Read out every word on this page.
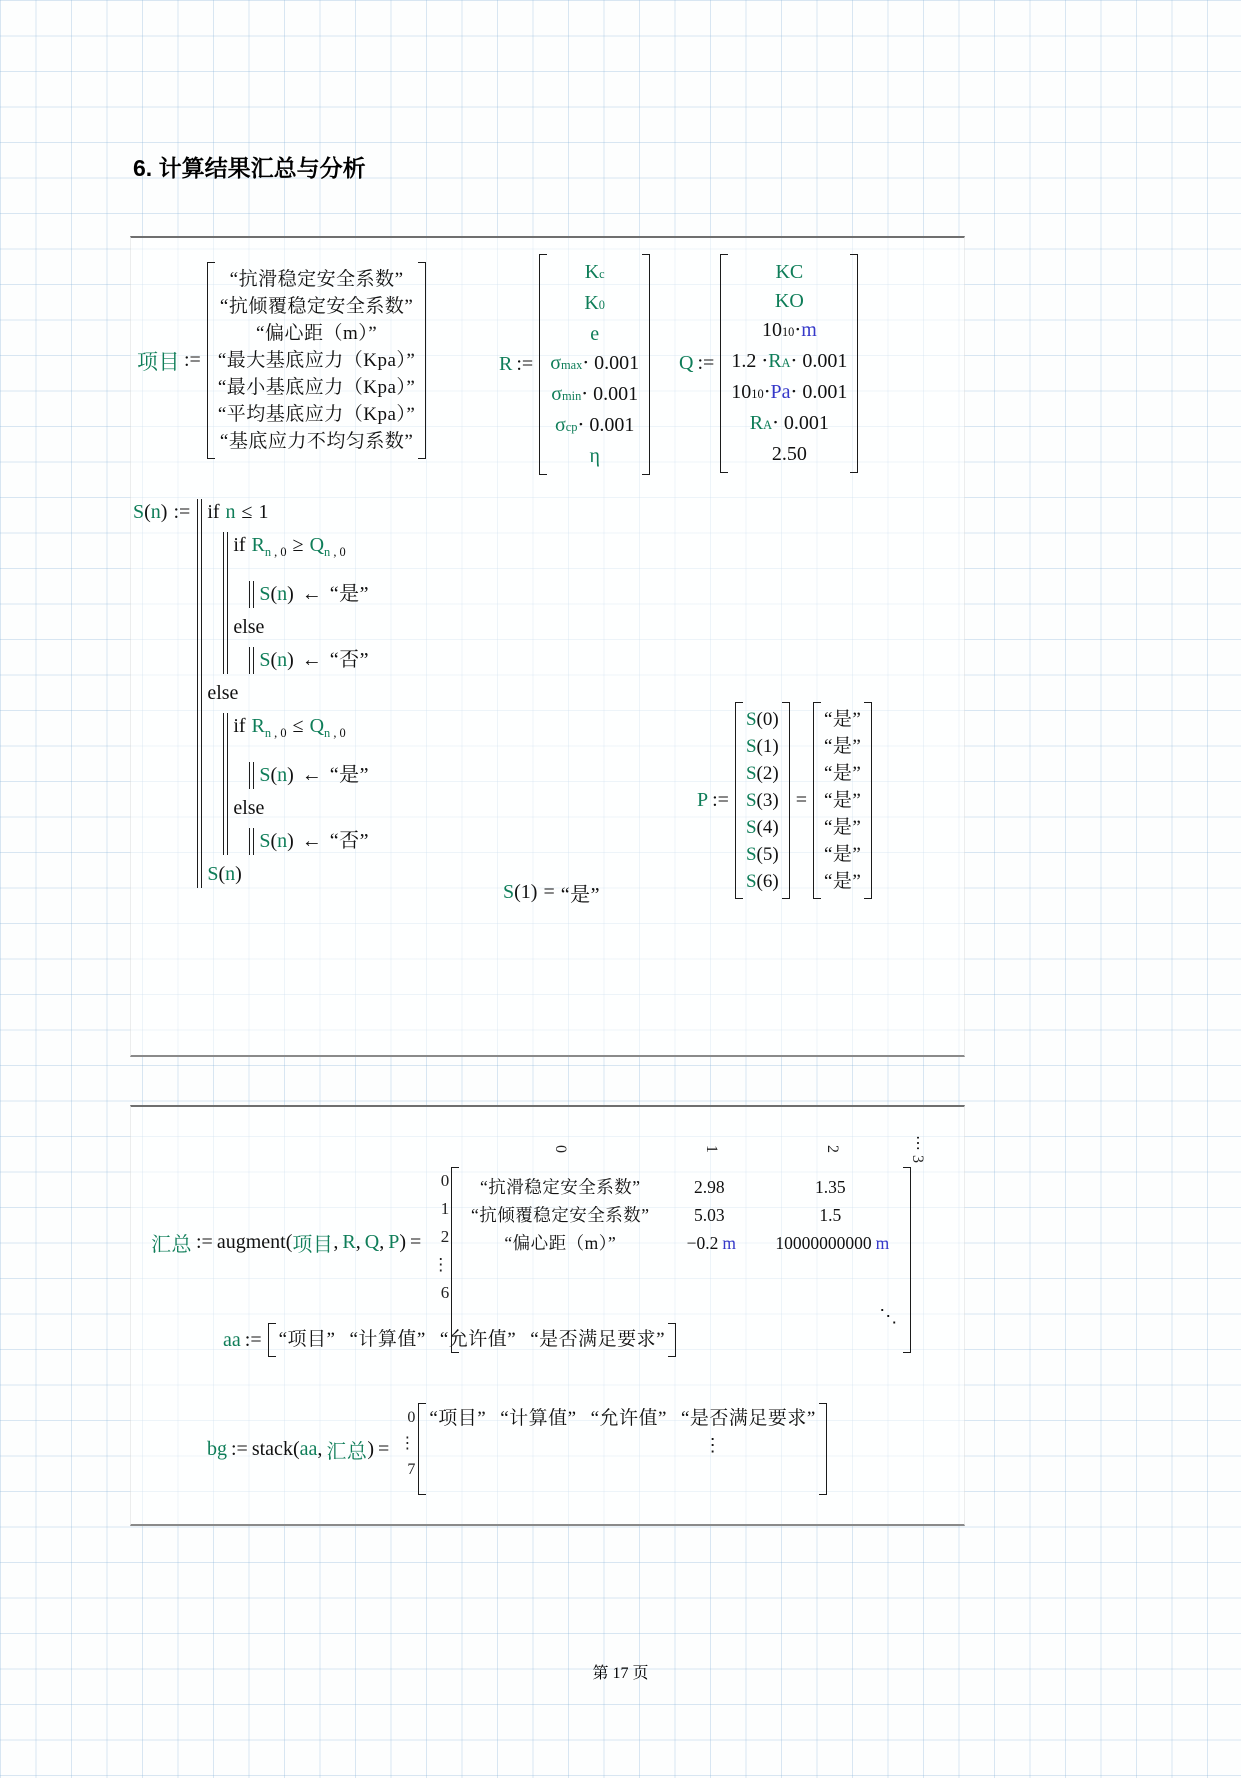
6. 计算结果汇总与分析
项目 :=
“抗滑稳定安全系数”
“抗倾覆稳定安全系数”
“偏心距（m）”
“最大基底应力（Kpa）”
“最小基底应力（Kpa）”
“平均基底应力（Kpa）”
“基底应力不均匀系数”
R :=
K c
K 0
e
σ max ⋅ 0.001
σ min ⋅ 0.001
σ cp ⋅ 0.001
η
Q :=
KC
KO
10 10 ⋅ m
1.2 ⋅ R A ⋅ 0.001
10 10 ⋅ Pa ⋅ 0.001
R A ⋅ 0.001
2.50
S(n) := if n ≤ 1
if $R_{n , 0} \ge Q_{n , 0}$
S(n) ← “是”
else
S(n) ← “否”
else
if $R_{n , 0} \le Q_{n , 0}$
S(n) ← “是”
else
S(n) ← “否”
S(n)
S (1) = “是”
P :=
S (0)
S (1)
S (2)
S (3)
S (4)
S (5)
S (6)
=
“是”
“是”
“是”
“是”
“是”
“是”
“是”
汇总 := augment ( 项目 , R , Q , P ) =
0	1	2	⋯ 3
0
1
2
⋮
6
“抗滑稳定安全系数”	2.98	1.35
“抗倾覆稳定安全系数”	5.03	1.5
“偏心距（m）”	−0.2 m 10000000000 m
⋱
aa := “项目” “计算值” “允许值” “是否满足要求”
bg := stack ( aa , 汇总 ) =
0
⋮
7
“项目” “计算值” “允许值” “是否满足要求”
⋮
第 17 页
